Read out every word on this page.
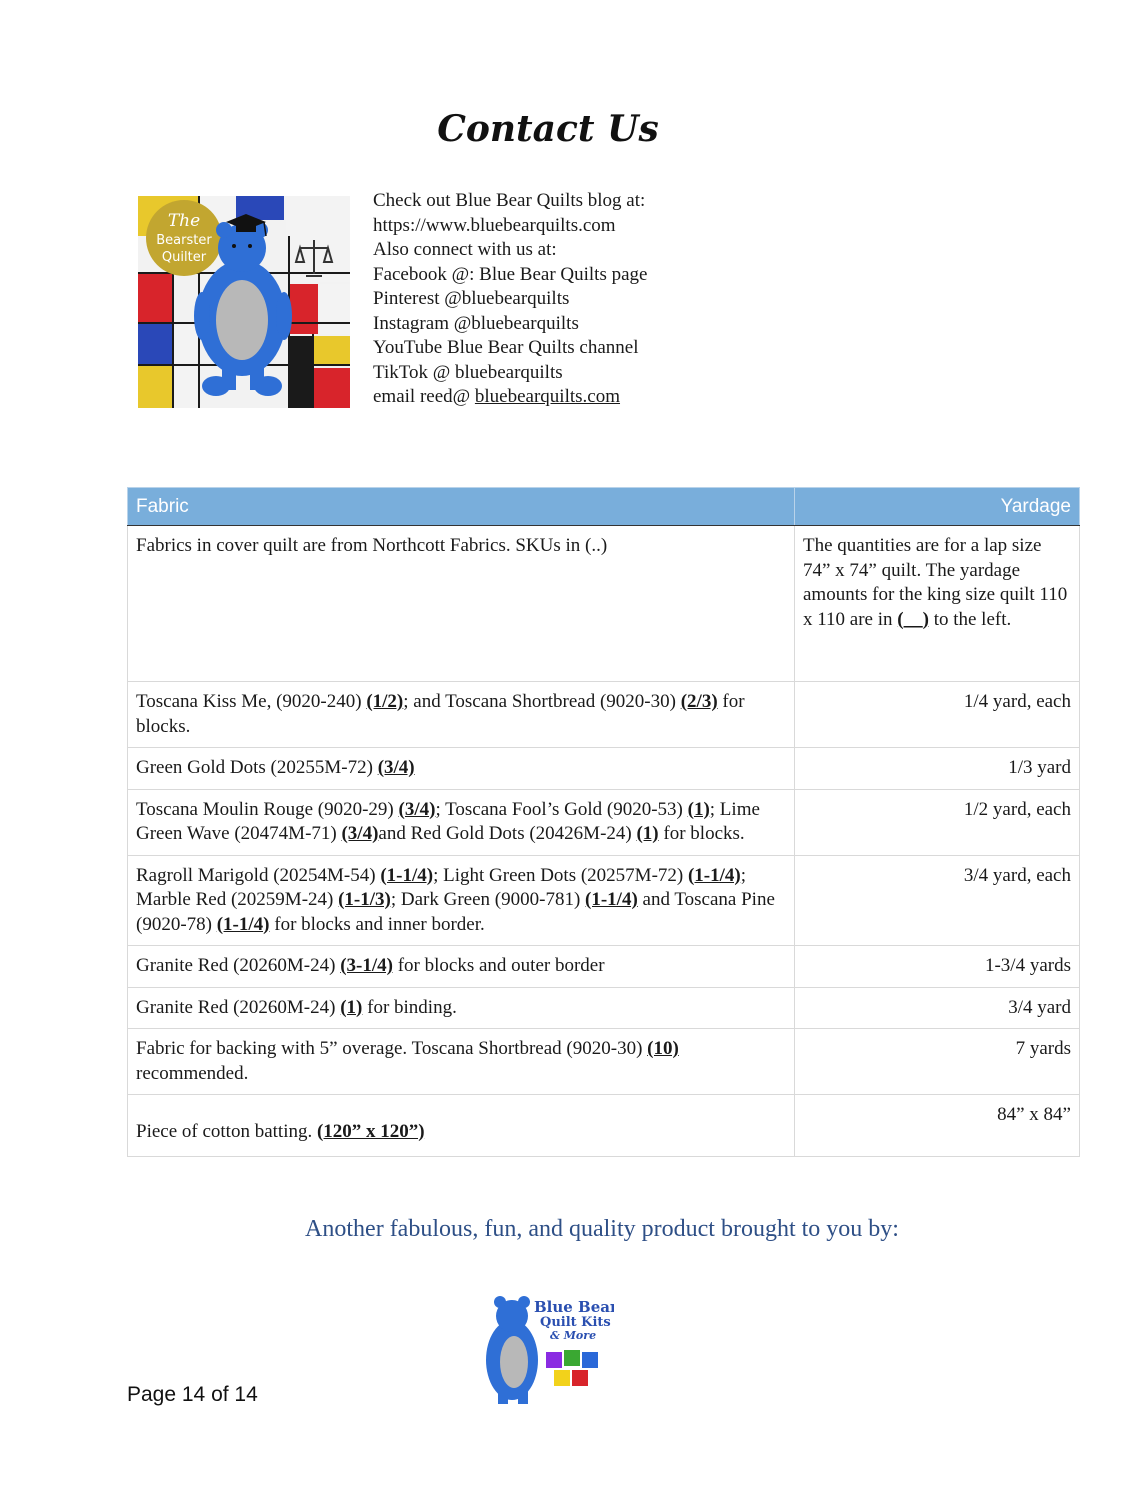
Contact Us
The
Bearster
Quilter
Check out Blue Bear Quilts blog at:
https://www.bluebearquilts.com
Also connect with us at:
Facebook @: Blue Bear Quilts page
Pinterest @bluebearquilts
Instagram @bluebearquilts
YouTube Blue Bear Quilts channel
TikTok @ bluebearquilts
email reed@ bluebearquilts.com
Fabric	Yardage
Fabrics in cover quilt are from Northcott Fabrics. SKUs in (..)	The quantities are for a lap size 74” x 74” quilt. The yardage amounts for the king size quilt 110 x 110 are in (__) to the left.
Toscana Kiss Me, (9020-240) (1/2); and Toscana Shortbread (9020-30) (2/3) for blocks.	1/4 yard, each
Green Gold Dots (20255M-72) (3/4)	1/3 yard
Toscana Moulin Rouge (9020-29) (3/4); Toscana Fool’s Gold (9020-53) (1); Lime Green Wave (20474M-71) (3/4)and Red Gold Dots (20426M-24) (1) for blocks.	1/2 yard, each
Ragroll Marigold (20254M-54) (1-1/4); Light Green Dots (20257M-72) (1-1/4); Marble Red (20259M-24) (1-1/3); Dark Green (9000-781) (1-1/4) and Toscana Pine (9020-78) (1-1/4) for blocks and inner border.	3/4 yard, each
Granite Red (20260M-24) (3-1/4) for blocks and outer border	1-3/4 yards
Granite Red (20260M-24) (1) for binding.	3/4 yard
Fabric for backing with 5” overage. Toscana Shortbread (9020-30) (10) recommended.	7 yards
Piece of cotton batting. (120” x 120”)	84” x 84”
Another fabulous, fun, and quality product brought to you by:
Blue Bear
Quilt Kits
& More
Page 14 of 14
